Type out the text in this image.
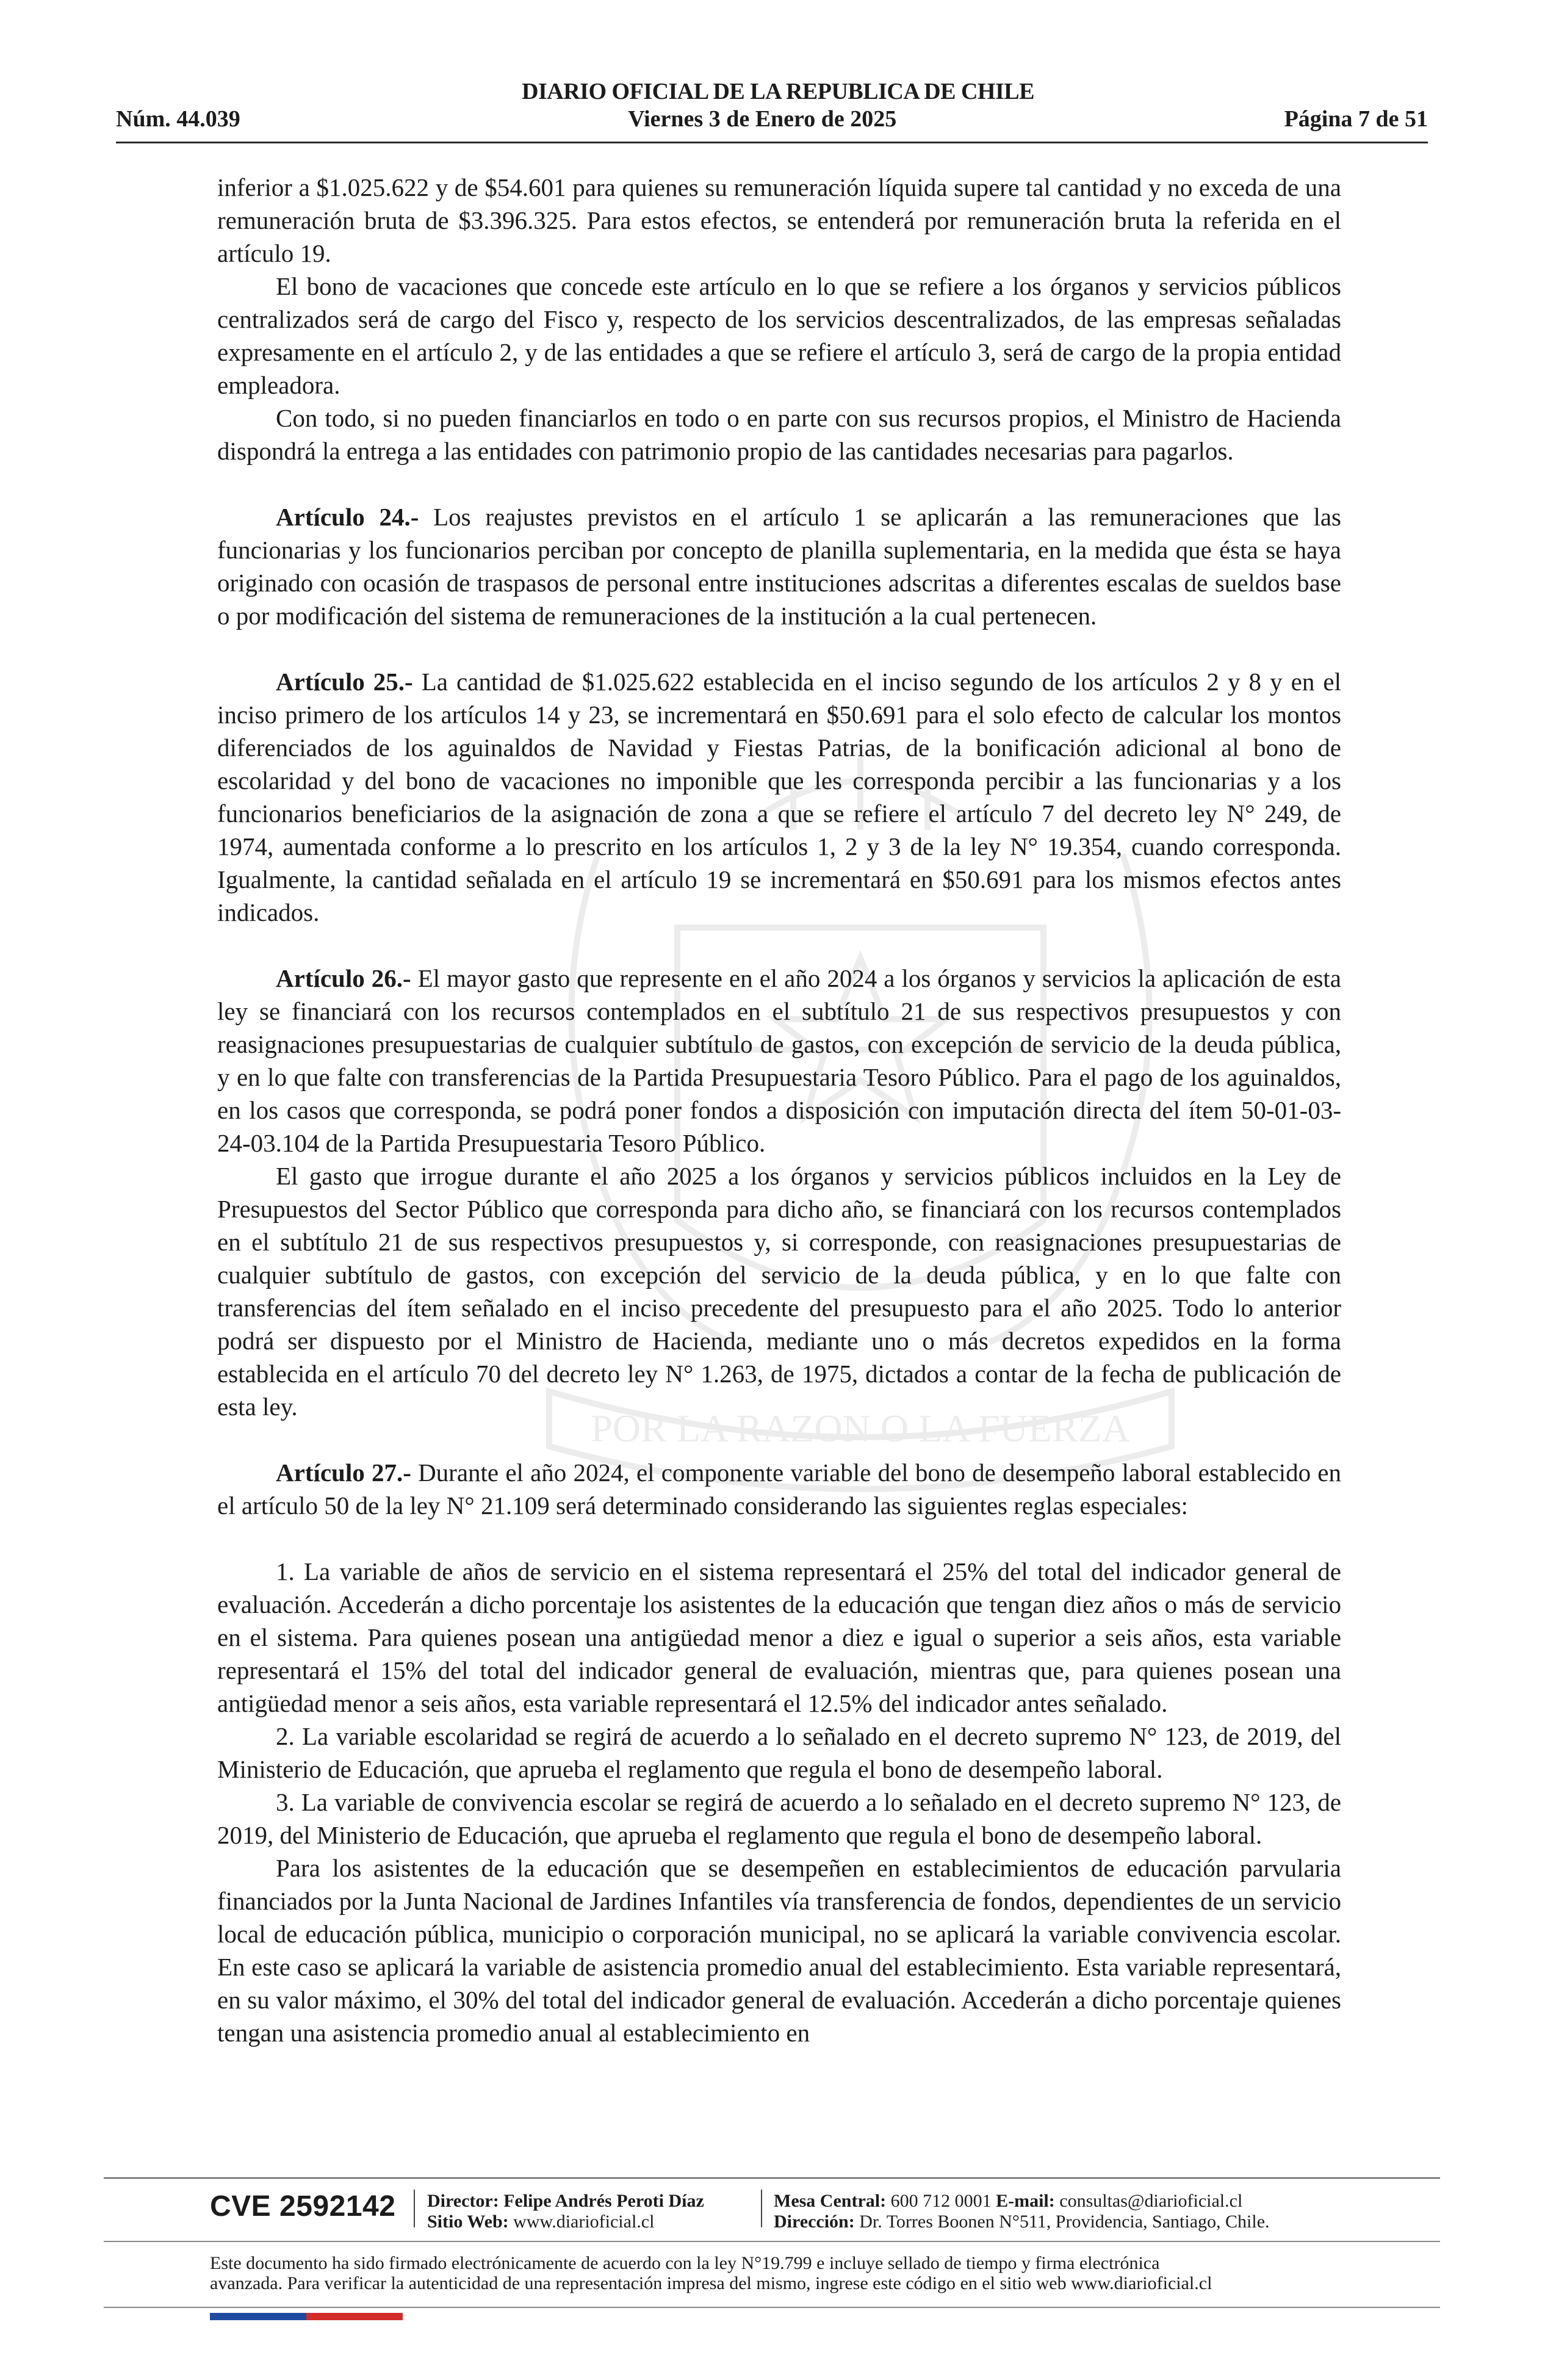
POR LA RAZON O LA FUERZA
DIARIO OFICIAL DE LA REPUBLICA DE CHILE
Núm. 44.039	Viernes 3 de Enero de 2025	Página 7 de 51

inferior a $1.025.622 y de $54.601 para quienes su remuneración líquida supere tal cantidad y no exceda de una remuneración bruta de $3.396.325. Para estos efectos, se entenderá por remuneración bruta la referida en el artículo 19.

El bono de vacaciones que concede este artículo en lo que se refiere a los órganos y servicios públicos centralizados será de cargo del Fisco y, respecto de los servicios descentralizados, de las empresas señaladas expresamente en el artículo 2, y de las entidades a que se refiere el artículo 3, será de cargo de la propia entidad empleadora.

Con todo, si no pueden financiarlos en todo o en parte con sus recursos propios, el Ministro de Hacienda dispondrá la entrega a las entidades con patrimonio propio de las cantidades necesarias para pagarlos.

Artículo 24.- Los reajustes previstos en el artículo 1 se aplicarán a las remuneraciones que las funcionarias y los funcionarios perciban por concepto de planilla suplementaria, en la medida que ésta se haya originado con ocasión de traspasos de personal entre instituciones adscritas a diferentes escalas de sueldos base o por modificación del sistema de remuneraciones de la institución a la cual pertenecen.

Artículo 25.- La cantidad de $1.025.622 establecida en el inciso segundo de los artículos 2 y 8 y en el inciso primero de los artículos 14 y 23, se incrementará en $50.691 para el solo efecto de calcular los montos diferenciados de los aguinaldos de Navidad y Fiestas Patrias, de la bonificación adicional al bono de escolaridad y del bono de vacaciones no imponible que les corresponda percibir a las funcionarias y a los funcionarios beneficiarios de la asignación de zona a que se refiere el artículo 7 del decreto ley N° 249, de 1974, aumentada conforme a lo prescrito en los artículos 1, 2 y 3 de la ley N° 19.354, cuando corresponda. Igualmente, la cantidad señalada en el artículo 19 se incrementará en $50.691 para los mismos efectos antes indicados.

Artículo 26.- El mayor gasto que represente en el año 2024 a los órganos y servicios la aplicación de esta ley se financiará con los recursos contemplados en el subtítulo 21 de sus respectivos presupuestos y con reasignaciones presupuestarias de cualquier subtítulo de gastos, con excepción de servicio de la deuda pública, y en lo que falte con transferencias de la Partida Presupuestaria Tesoro Público. Para el pago de los aguinaldos, en los casos que corresponda, se podrá poner fondos a disposición con imputación directa del ítem 50-01-03-24-03.104 de la Partida Presupuestaria Tesoro Público.

El gasto que irrogue durante el año 2025 a los órganos y servicios públicos incluidos en la Ley de Presupuestos del Sector Público que corresponda para dicho año, se financiará con los recursos contemplados en el subtítulo 21 de sus respectivos presupuestos y, si corresponde, con reasignaciones presupuestarias de cualquier subtítulo de gastos, con excepción del servicio de la deuda pública, y en lo que falte con transferencias del ítem señalado en el inciso precedente del presupuesto para el año 2025. Todo lo anterior podrá ser dispuesto por el Ministro de Hacienda, mediante uno o más decretos expedidos en la forma establecida en el artículo 70 del decreto ley N° 1.263, de 1975, dictados a contar de la fecha de publicación de esta ley.

Artículo 27.- Durante el año 2024, el componente variable del bono de desempeño laboral establecido en el artículo 50 de la ley N° 21.109 será determinado considerando las siguientes reglas especiales:

1. La variable de años de servicio en el sistema representará el 25% del total del indicador general de evaluación. Accederán a dicho porcentaje los asistentes de la educación que tengan diez años o más de servicio en el sistema. Para quienes posean una antigüedad menor a diez e igual o superior a seis años, esta variable representará el 15% del total del indicador general de evaluación, mientras que, para quienes posean una antigüedad menor a seis años, esta variable representará el 12.5% del indicador antes señalado.

2. La variable escolaridad se regirá de acuerdo a lo señalado en el decreto supremo N° 123, de 2019, del Ministerio de Educación, que aprueba el reglamento que regula el bono de desempeño laboral.

3. La variable de convivencia escolar se regirá de acuerdo a lo señalado en el decreto supremo N° 123, de 2019, del Ministerio de Educación, que aprueba el reglamento que regula el bono de desempeño laboral.

Para los asistentes de la educación que se desempeñen en establecimientos de educación parvularia financiados por la Junta Nacional de Jardines Infantiles vía transferencia de fondos, dependientes de un servicio local de educación pública, municipio o corporación municipal, no se aplicará la variable convivencia escolar. En este caso se aplicará la variable de asistencia promedio anual del establecimiento. Esta variable representará, en su valor máximo, el 30% del total del indicador general de evaluación. Accederán a dicho porcentaje quienes tengan una asistencia promedio anual al establecimiento en

CVE 2592142 Director: Felipe Andrés Peroti Díaz
Sitio Web: www.diarioficial.cl
Mesa Central: 600 712 0001 E-mail: consultas@diarioficial.cl
Dirección: Dr. Torres Boonen N°511, Providencia, Santiago, Chile.
Este documento ha sido firmado electrónicamente de acuerdo con la ley N°19.799 e incluye sellado de tiempo y firma electrónica
avanzada. Para verificar la autenticidad de una representación impresa del mismo, ingrese este código en el sitio web www.diarioficial.cl
